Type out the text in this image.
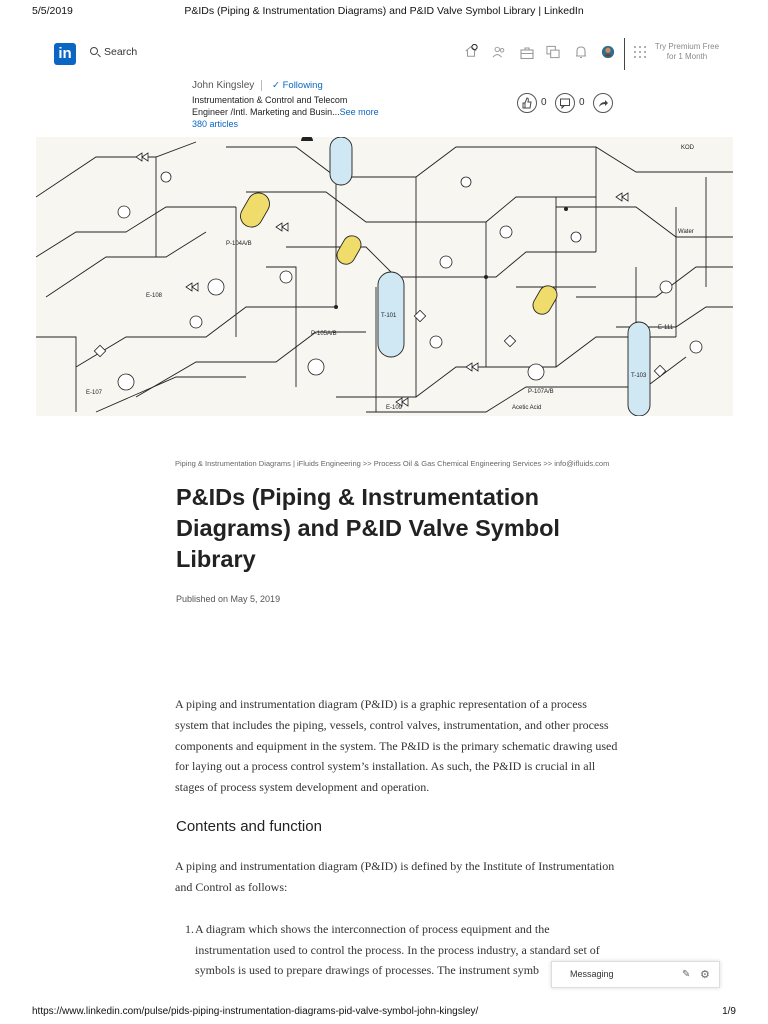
5/5/2019	P&IDs (Piping & Instrumentation Diagrams) and P&ID Valve Symbol Library | LinkedIn
in	Search	Try Premium Free
for 1 Month
John Kingsley ✓ Following
Instrumentation & Control and Telecom
Engineer /Intl. Marketing and Busin...See more
380 articles
0	0
Water
Acetic Acid
E-109
P-107A/B
T-101
E-111
E-107
P-104A/B
P-105A/B
E-108
T-103
KOD
Piping & Instrumentation Diagrams | iFluids Engineering >> Process Oil & Gas Chemical Engineering Services >> info@ifluids.com
P&IDs (Piping & Instrumentation
Diagrams) and P&ID Valve Symbol
Library
Published on May 5, 2019
A piping and instrumentation diagram (P&ID) is a graphic representation of a process
system that includes the piping, vessels, control valves, instrumentation, and other process
components and equipment in the system. The P&ID is the primary schematic drawing used
for laying out a process control system’s installation. As such, the P&ID is crucial in all
stages of process system development and operation.
Contents and function
A piping and instrumentation diagram (P&ID) is defined by the Institute of Instrumentation
and Control as follows:
1. A diagram which shows the interconnection of process equipment and the
instrumentation used to control the process. In the process industry, a standard set of
symbols is used to prepare drawings of processes. The instrument symb	Messaging	✎ ⚙
https://www.linkedin.com/pulse/pids-piping-instrumentation-diagrams-pid-valve-symbol-john-kingsley/	1/9
